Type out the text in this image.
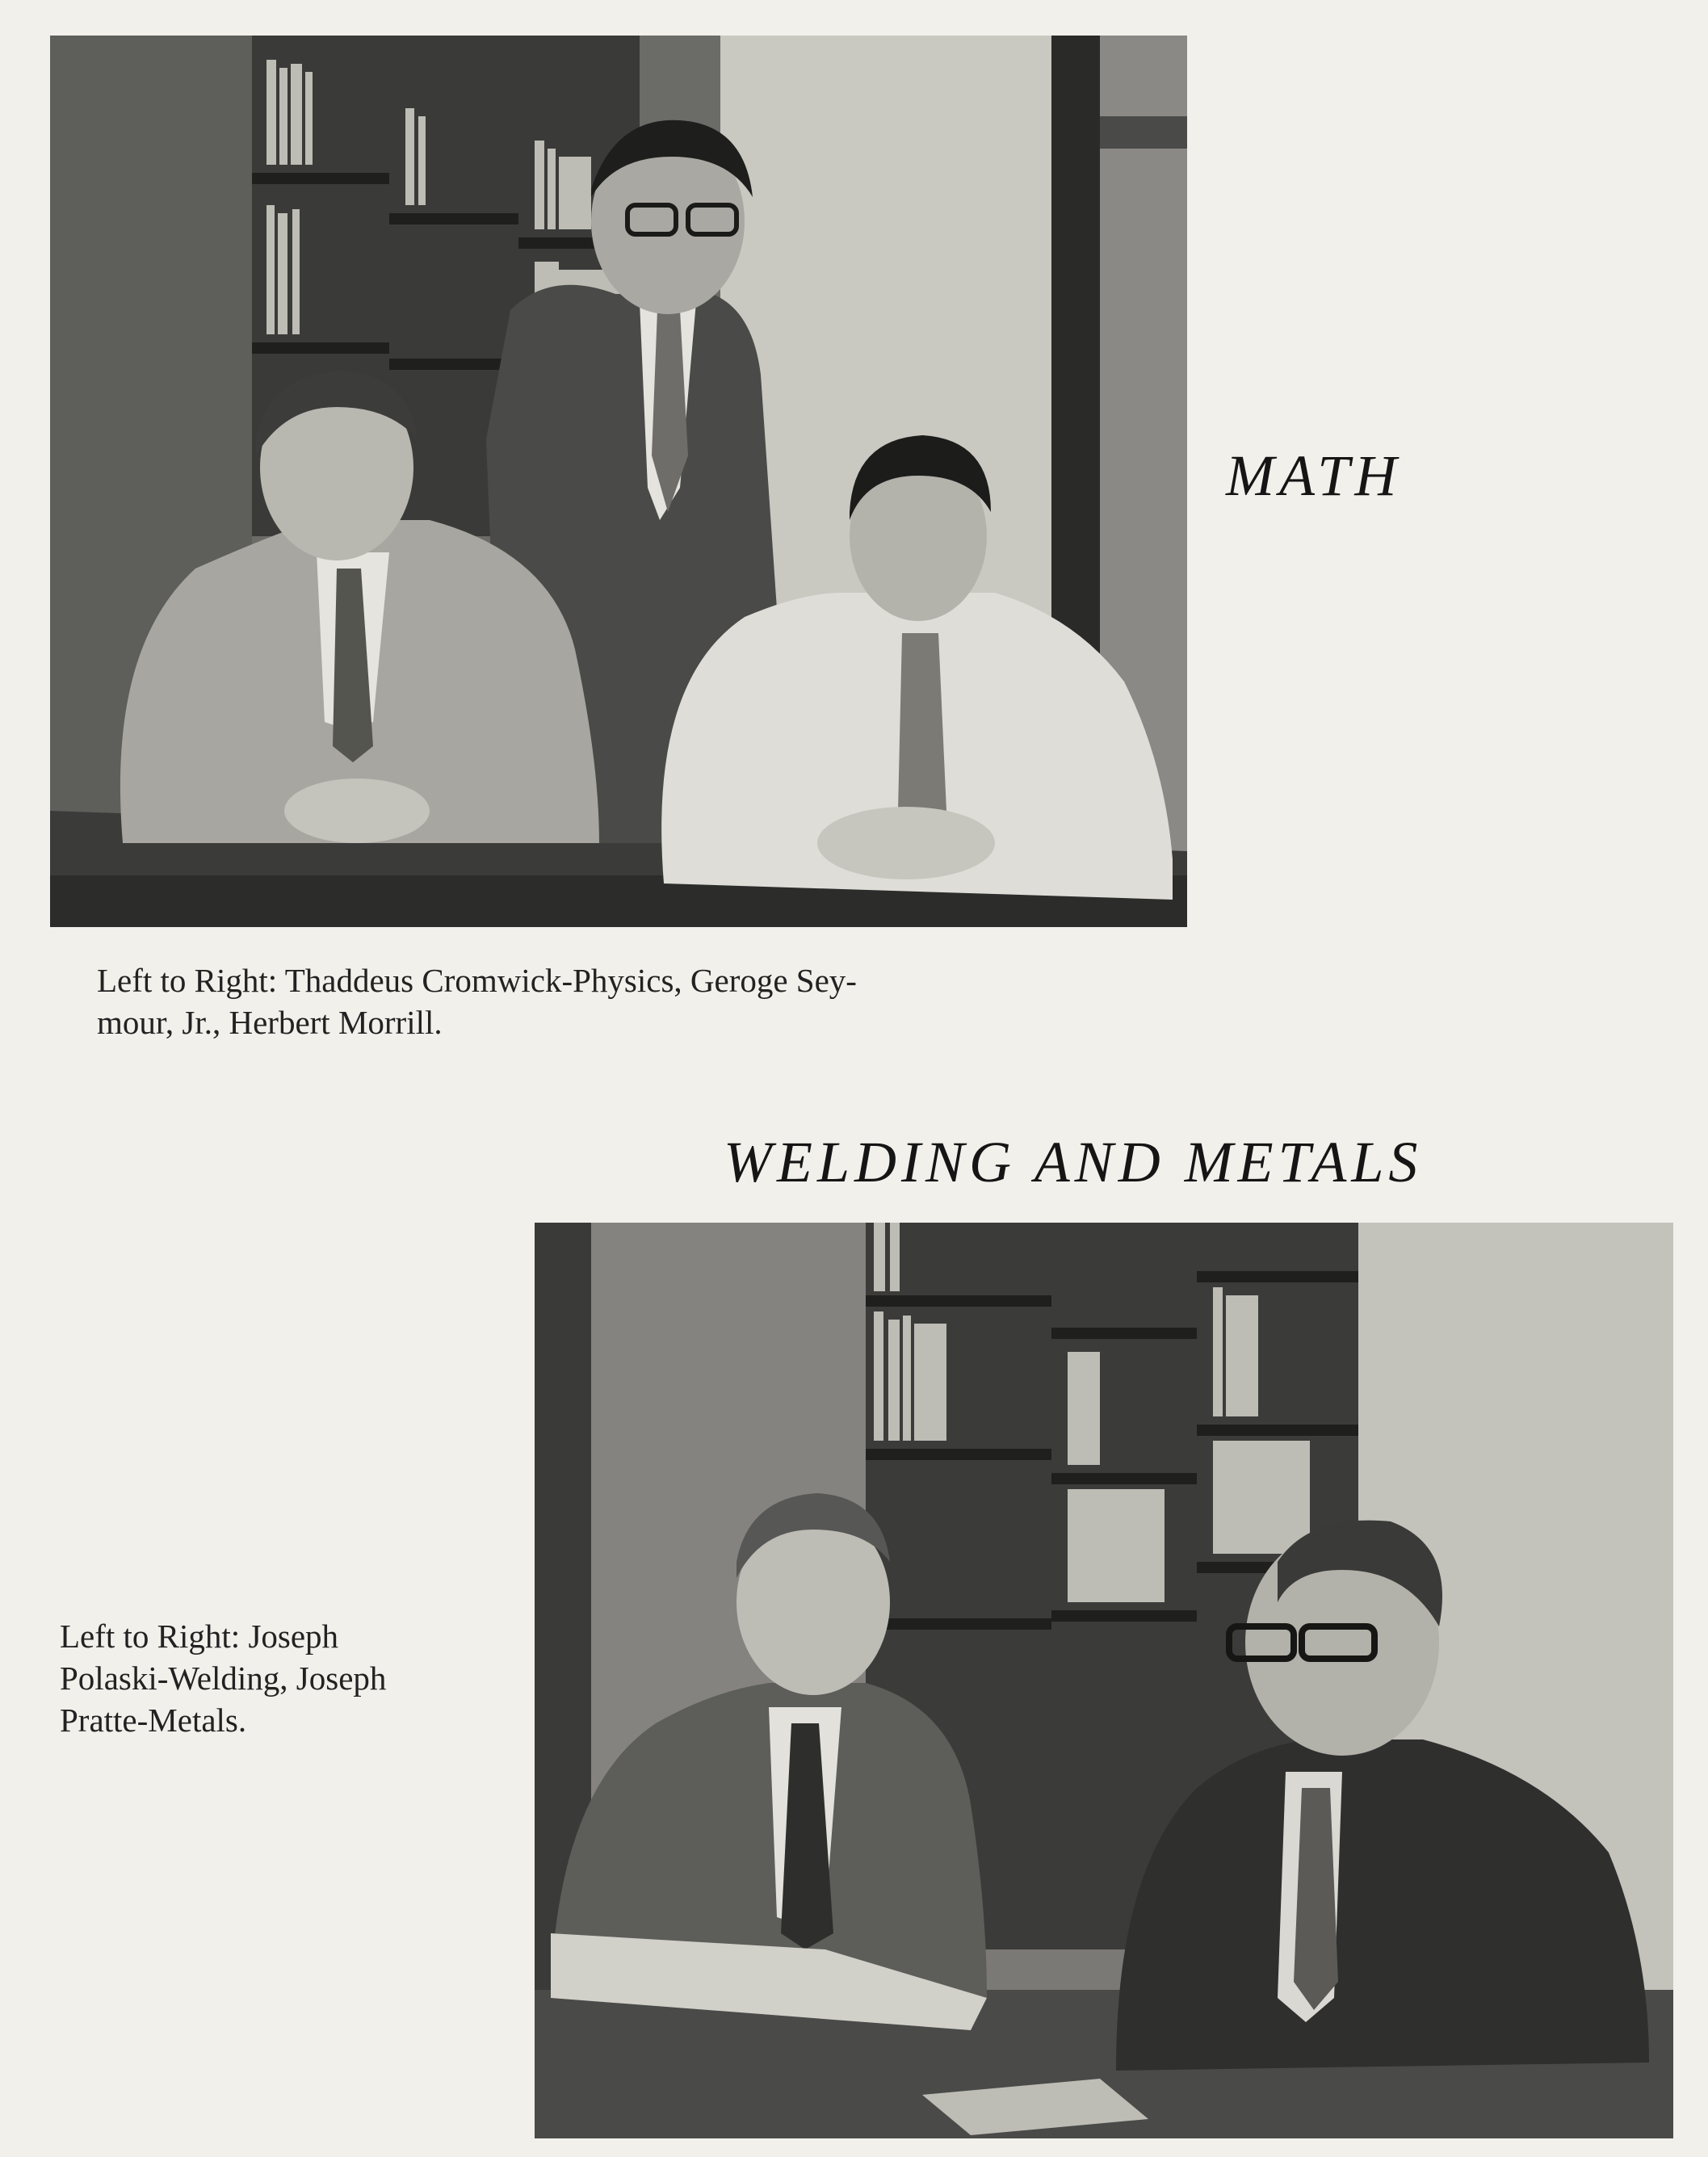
MATH
Left to Right: Thaddeus Cromwick-Physics, Geroge Sey-
mour, Jr., Herbert Morrill.
WELDING AND METALS
Left to Right: Joseph
Polaski-Welding, Joseph
Pratte-Metals.
